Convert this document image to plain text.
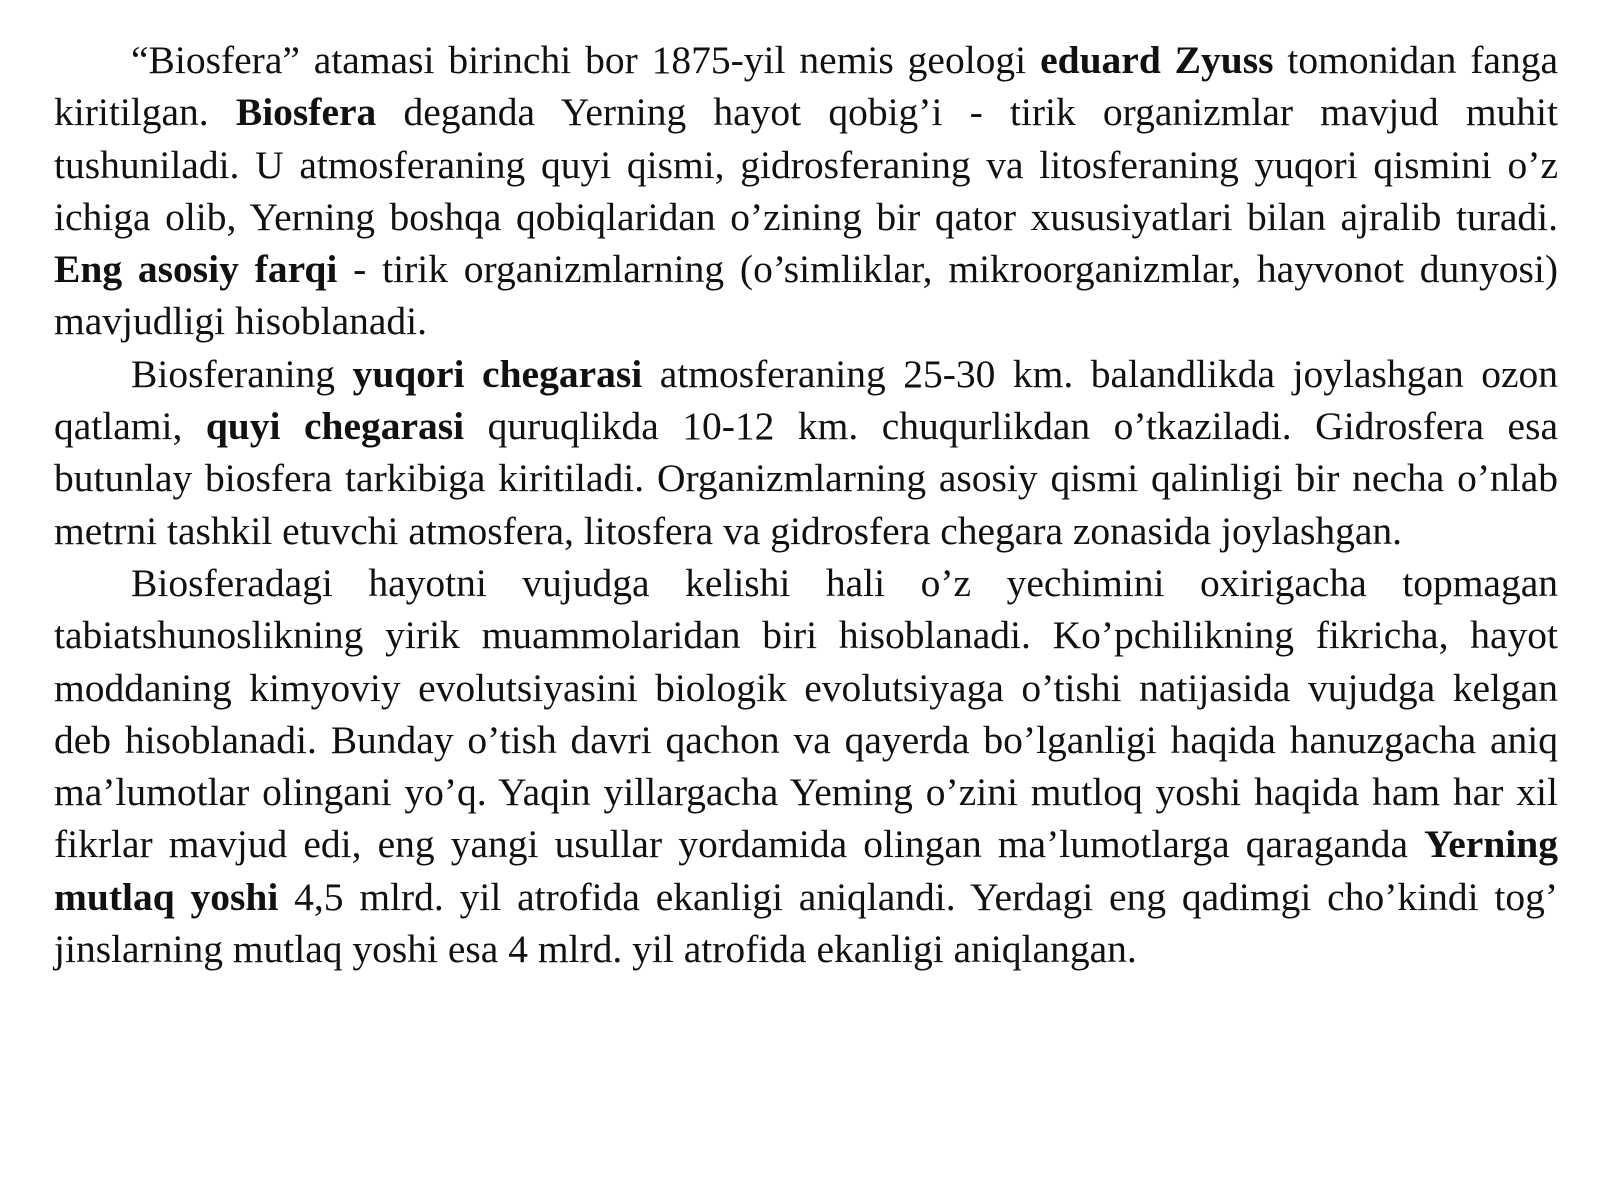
“Biosfera” atamasi birinchi bor 1875-yil nemis geologi eduard Zyuss tomonidan fanga kiritilgan. Biosfera deganda Yerning hayot qobig’i - tirik organizmlar mavjud muhit tushuniladi. U atmosferaning quyi qismi, gidrosferaning va litosferaning yuqori qismini o’z ichiga olib, Yerning boshqa qobiqlaridan o’zining bir qator xususiyatlari bilan ajralib turadi. Eng asosiy farqi - tirik organizmlarning (o’simliklar, mikroorganizmlar, hayvonot dunyosi) mavjudligi hisoblanadi.

Biosferaning yuqori chegarasi atmosferaning 25-30 km. balandlikda joylashgan ozon qatlami, quyi chegarasi quruqlikda 10-12 km. chuqurlikdan o’tkaziladi. Gidrosfera esa butunlay biosfera tarkibiga kiritiladi. Organizmlarning asosiy qismi qalinligi bir necha o’nlab metrni tashkil etuvchi atmosfera, litosfera va gidrosfera chegara zonasida joylashgan.

Biosferadagi hayotni vujudga kelishi hali o’z yechimini oxirigacha topmagan tabiatshunoslikning yirik muammolaridan biri hisoblanadi. Ko’pchilikning fikricha, hayot moddaning kimyoviy evolutsiyasini biologik evolutsiyaga o’tishi natijasida vujudga kelgan deb hisoblanadi. Bunday o’tish davri qachon va qayerda bo’lganligi haqida hanuzgacha aniq ma’lumotlar olingani yo’q. Yaqin yillargacha Yeming o’zini mutloq yoshi haqida ham har xil fikrlar mavjud edi, eng yangi usullar yordamida olingan ma’lumotlarga qaraganda Yerning mutlaq yoshi 4,5 mlrd. yil atrofida ekanligi aniqlandi. Yerdagi eng qadimgi cho’kindi tog’ jinslarning mutlaq yoshi esa 4 mlrd. yil atrofida ekanligi aniqlangan.
